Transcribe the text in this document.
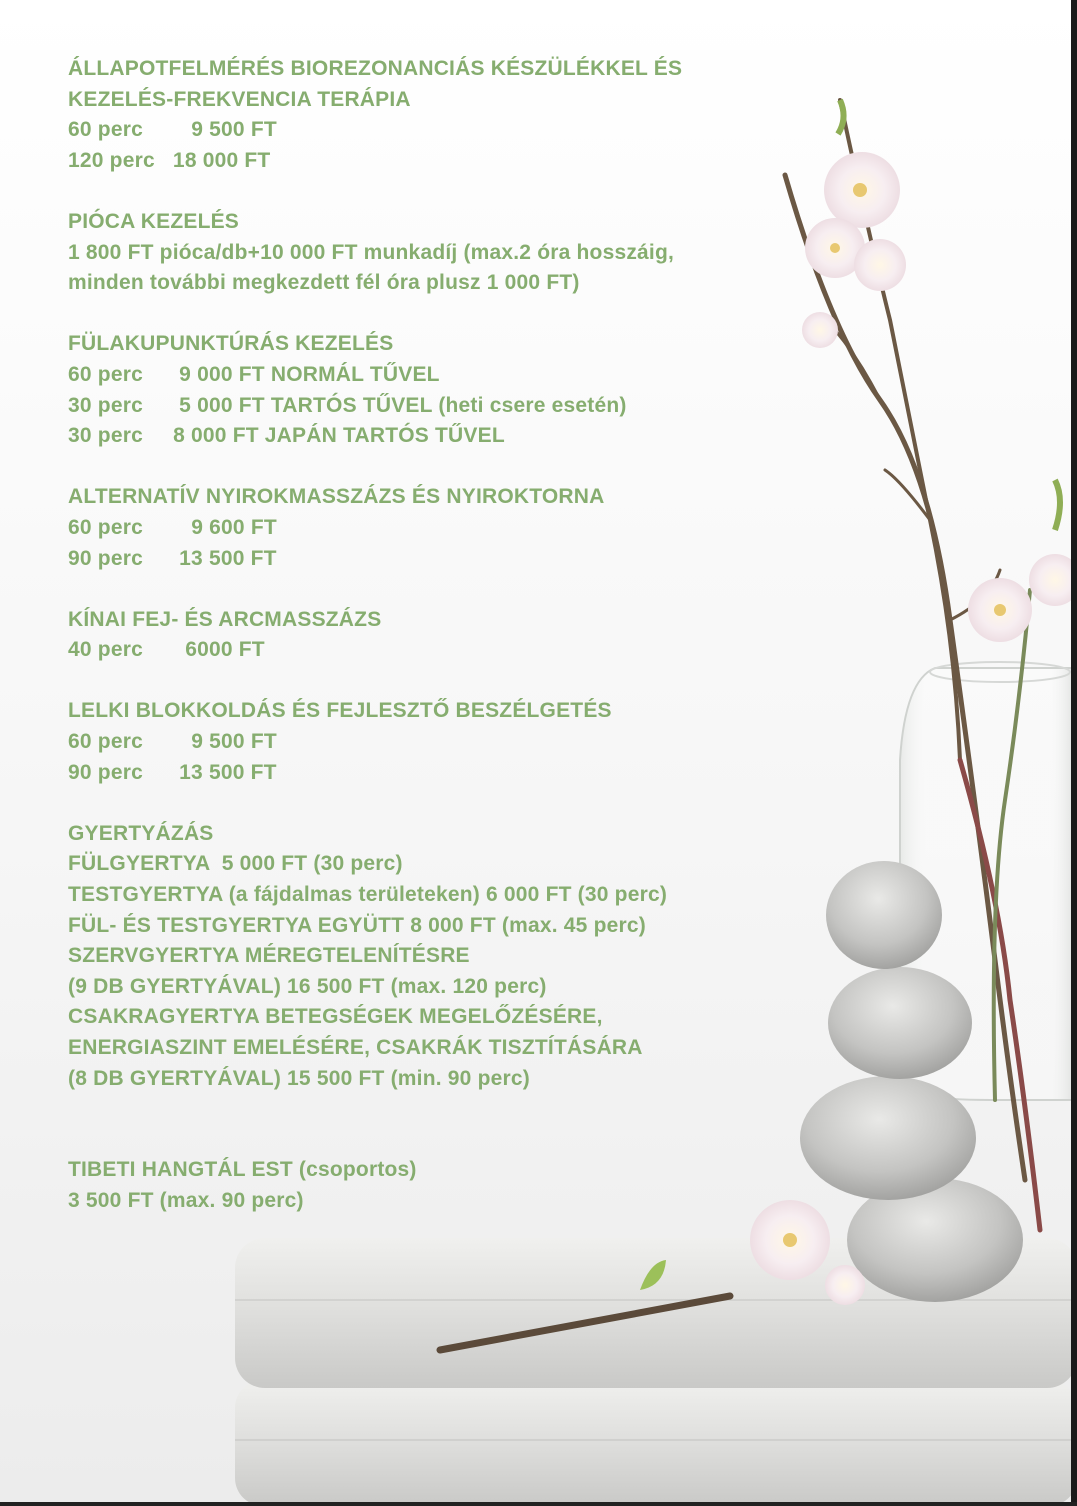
ÁLLAPOTFELMÉRÉS BIOREZONANCIÁS KÉSZÜLÉKKEL ÉS
KEZELÉS-FREKVENCIA TERÁPIA
60 perc        9 500 FT
120 perc   18 000 FT
PIÓCA KEZELÉS
1 800 FT pióca/db+10 000 FT munkadíj (max.2 óra hosszáig,
minden további megkezdett fél óra plusz 1 000 FT)
FÜLAKUPUNKTÚRÁS KEZELÉS
60 perc      9 000 FT NORMÁL TŰVEL
30 perc      5 000 FT TARTÓS TŰVEL (heti csere esetén)
30 perc     8 000 FT JAPÁN TARTÓS TŰVEL
ALTERNATÍV NYIROKMASSZÁZS ÉS NYIROKTORNA
60 perc        9 600 FT
90 perc      13 500 FT
KÍNAI FEJ- ÉS ARCMASSZÁZS
40 perc       6000 FT
LELKI BLOKKOLDÁS ÉS FEJLESZTŐ BESZÉLGETÉS
60 perc        9 500 FT
90 perc      13 500 FT
GYERTYÁZÁS
FÜLGYERTYA  5 000 FT (30 perc)
TESTGYERTYA (a fájdalmas területeken) 6 000 FT (30 perc)
FÜL- ÉS TESTGYERTYA EGYÜTT 8 000 FT (max. 45 perc)
SZERVGYERTYA MÉREGTELENÍTÉSRE
(9 DB GYERTYÁVAL) 16 500 FT (max. 120 perc)
CSAKRAGYERTYA BETEGSÉGEK MEGELŐZÉSÉRE,
ENERGIASZINT EMELÉSÉRE, CSAKRÁK TISZTÍTÁSÁRA
(8 DB GYERTYÁVAL) 15 500 FT (min. 90 perc)
TIBETI HANGTÁL EST (csoportos)
3 500 FT (max. 90 perc)
